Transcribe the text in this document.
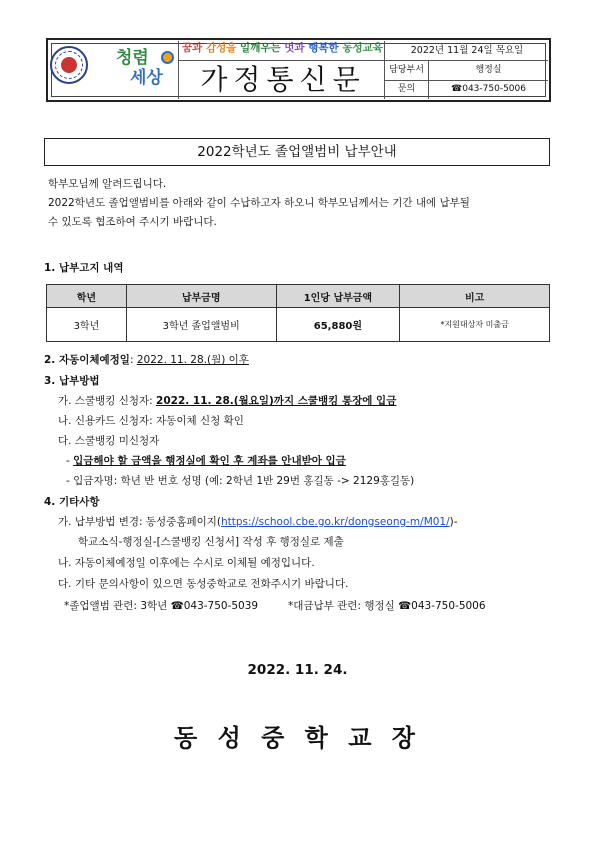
청렴
세상
꿈과 감성을 일깨우는 멋과 행복한 동성교육	2022년 11월 24일 목요일
가정통신문	담당부서	행정실
문의	☎043-750-5006
2022학년도 졸업앨범비 납부안내

학부모님께 알려드립니다.

2022학년도 졸업앨범비를 아래와 같이 수납하고자 하오니 학부모님께서는 기간 내에 납부될

수 있도록 협조하여 주시기 바랍니다.

1. 납부고지 내역

학년	납부금명	1인당 납부금액	비고
3학년	3학년 졸업앨범비	65,880원	*지원대상자 미출금

2. 자동이체예정일: 2022. 11. 28.(월) 이후

3. 납부방법

가. 스쿨뱅킹 신청자: 2022. 11. 28.(월요일)까지 스쿨뱅킹 통장에 입금

나. 신용카드 신청자: 자동이체 신청 확인

다. 스쿨뱅킹 미신청자

- 입금해야 할 금액을 행정실에 확인 후 계좌를 안내받아 입금

- 입금자명: 학년 반 번호 성명 (예: 2학년 1반 29번 홍길동 -> 2129홍길동)

4. 기타사항

가. 납부방법 변경: 동성중홈페이지(https://school.cbe.go.kr/dongseong-m/M01/)-

학교소식-행정실-[스쿨뱅킹 신청서] 작성 후 행정실로 제출

나. 자동이체예정일 이후에는 수시로 이체될 예정입니다.

다. 기타 문의사항이 있으면 동성중학교로 전화주시기 바랍니다.

*졸업앨범 관련: 3학년 ☎043-750-5039	*대금납부 관련: 행정실 ☎043-750-5006

2022. 11. 24.

동 성 중 학 교 장
